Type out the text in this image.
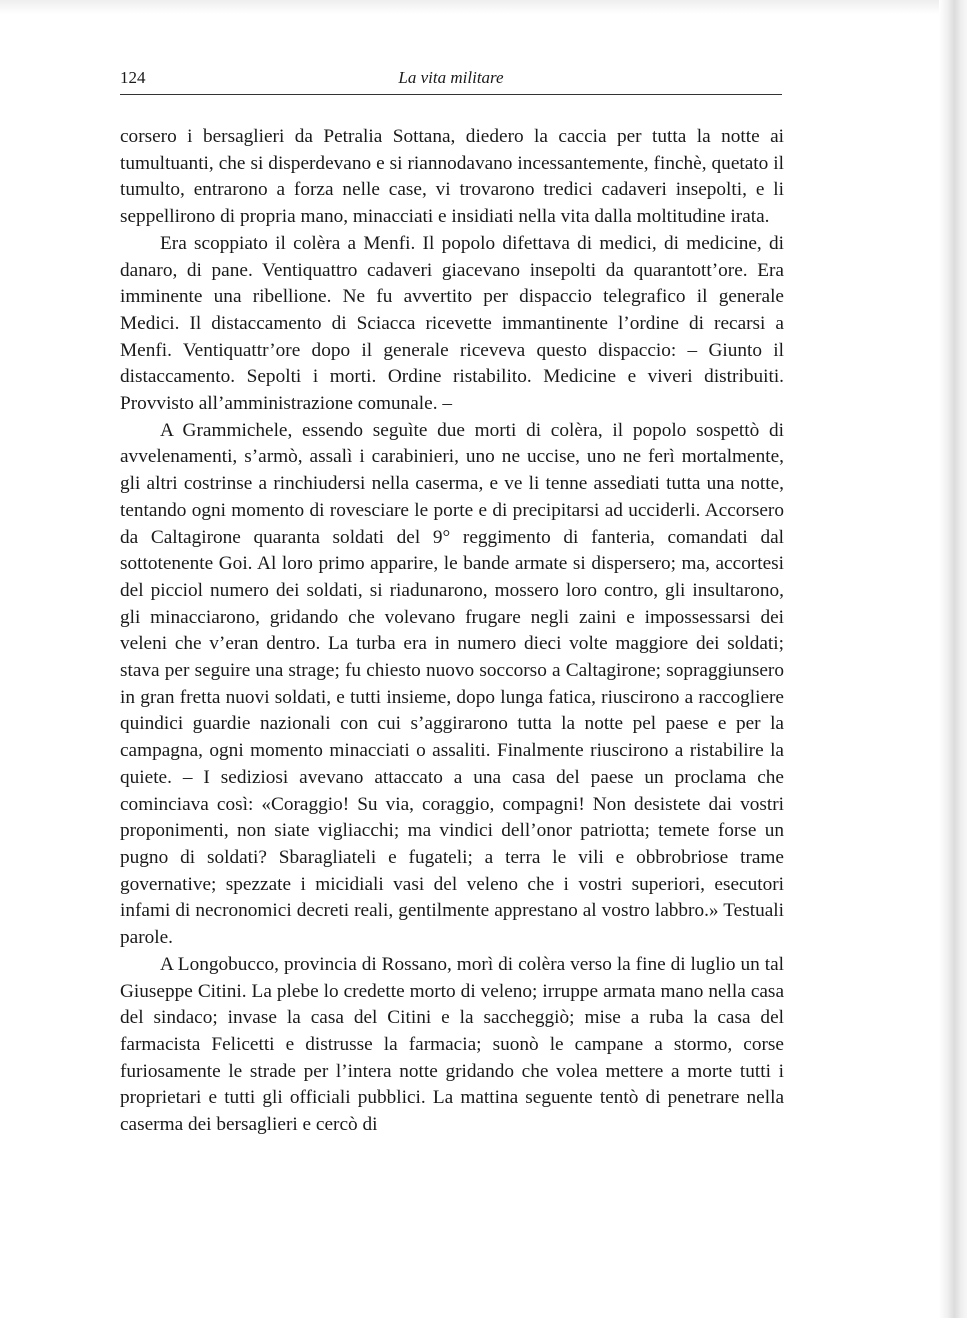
124	La vita militare

corsero i bersaglieri da Petralia Sottana, diedero la caccia per tutta la notte ai tumultuanti, che si disperdevano e si riannodavano incessantemente, finchè, quetato il tumulto, entrarono a forza nelle case, vi trovarono tredici cadaveri insepolti, e li seppellirono di propria mano, minacciati e insidiati nella vita dalla moltitudine irata.

Era scoppiato il colèra a Menfi. Il popolo difettava di medici, di medicine, di danaro, di pane. Ventiquattro cadaveri giacevano insepolti da quarantott’ore. Era imminente una ribellione. Ne fu avvertito per dispaccio telegrafico il generale Medici. Il distaccamento di Sciacca ricevette immantinente l’ordine di recarsi a Menfi. Ventiquattr’ore dopo il generale riceveva questo dispaccio: – Giunto il distaccamento. Sepolti i morti. Ordine ristabilito. Medicine e viveri distribuiti. Provvisto all’amministrazione comunale. –

A Grammichele, essendo seguìte due morti di colèra, il popolo sospettò di avvelenamenti, s’armò, assalì i carabinieri, uno ne uccise, uno ne ferì mortalmente, gli altri costrinse a rinchiudersi nella caserma, e ve li tenne assediati tutta una notte, tentando ogni momento di rovesciare le porte e di precipitarsi ad ucciderli. Accorsero da Caltagirone quaranta soldati del 9° reggimento di fanteria, comandati dal sottotenente Goi. Al loro primo apparire, le bande armate si dispersero; ma, accortesi del picciol numero dei soldati, si riadunarono, mossero loro contro, gli insultarono, gli minacciarono, gridando che volevano frugare negli zaini e impossessarsi dei veleni che v’eran dentro. La turba era in numero dieci volte maggiore dei soldati; stava per seguire una strage; fu chiesto nuovo soccorso a Caltagirone; sopraggiunsero in gran fretta nuovi soldati, e tutti insieme, dopo lunga fatica, riuscirono a raccogliere quindici guardie nazionali con cui s’aggirarono tutta la notte pel paese e per la campagna, ogni momento minacciati o assaliti. Finalmente riuscirono a ristabilire la quiete. – I sediziosi avevano attaccato a una casa del paese un proclama che cominciava così: «Coraggio! Su via, coraggio, compagni! Non desistete dai vostri proponimenti, non siate vigliacchi; ma vindici dell’onor patriotta; temete forse un pugno di soldati? Sbaragliateli e fugateli; a terra le vili e obbrobriose trame governative; spezzate i micidiali vasi del veleno che i vostri superiori, esecutori infami di necronomici decreti reali, gentilmente apprestano al vostro labbro.» Testuali parole.

A Longobucco, provincia di Rossano, morì di colèra verso la fine di luglio un tal Giuseppe Citini. La plebe lo credette morto di veleno; irruppe armata mano nella casa del sindaco; invase la casa del Citini e la saccheggiò; mise a ruba la casa del farmacista Felicetti e distrusse la farmacia; suonò le campane a stormo, corse furiosamente le strade per l’intera notte gridando che volea mettere a morte tutti i proprietari e tutti gli officiali pubblici. La mattina seguente tentò di penetrare nella caserma dei bersaglieri e cercò di
